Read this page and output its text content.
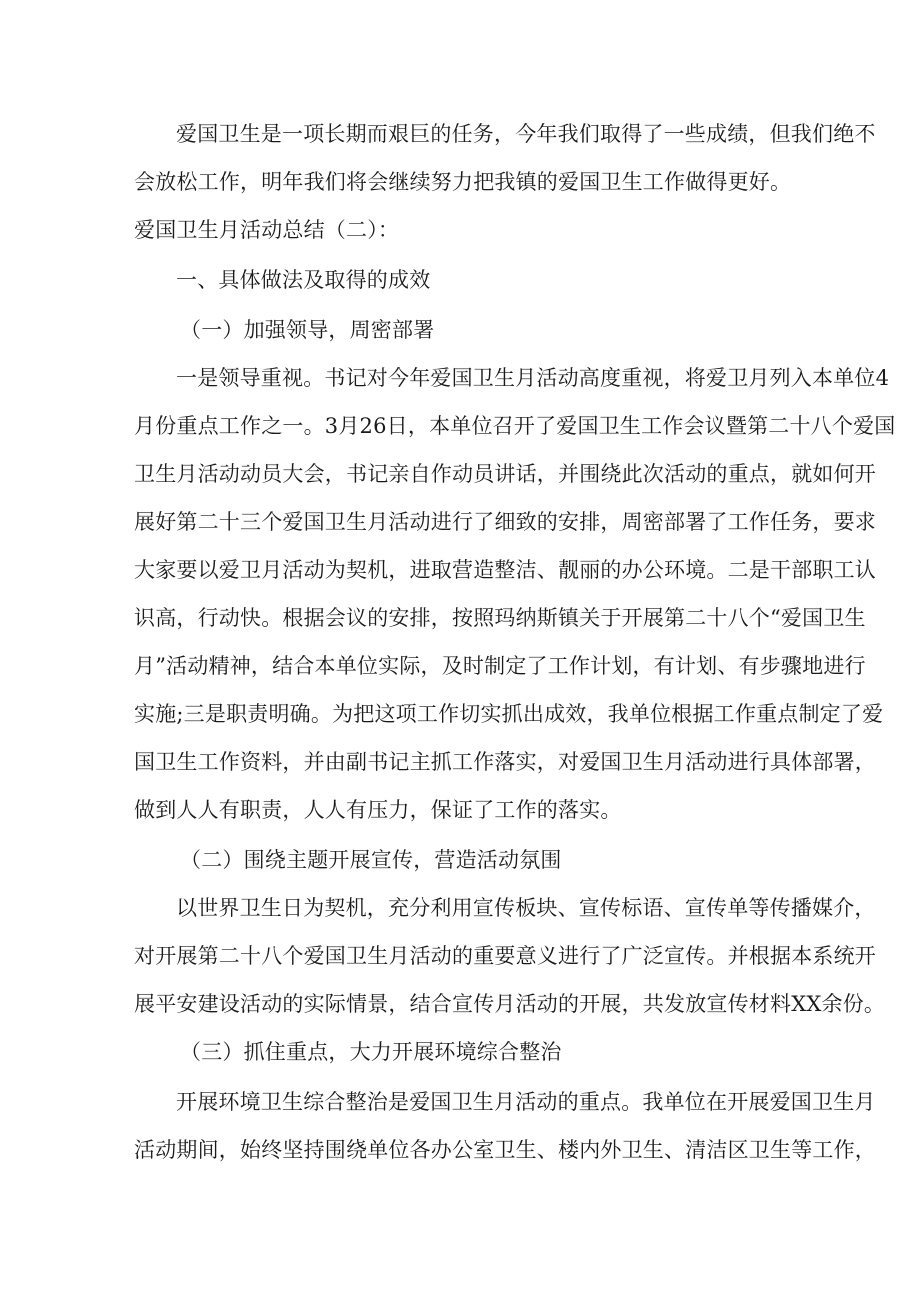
爱国卫生是一项长期而艰巨的任务，今年我们取得了一些成绩，但我们绝不
会放松工作，明年我们将会继续努力把我镇的爱国卫生工作做得更好。
爱国卫生月活动总结（二）：
一、具体做法及取得的成效
（一）加强领导，周密部署
一是领导重视。书记对今年爱国卫生月活动高度重视，将爱卫月列入本单位4
月份重点工作之一。3月26日，本单位召开了爱国卫生工作会议暨第二十八个爱国
卫生月活动动员大会，书记亲自作动员讲话，并围绕此次活动的重点，就如何开
展好第二十三个爱国卫生月活动进行了细致的安排，周密部署了工作任务，要求
大家要以爱卫月活动为契机，进取营造整洁、靓丽的办公环境。二是干部职工认
识高，行动快。根据会议的安排，按照玛纳斯镇关于开展第二十八个“爱国卫生
月”活动精神，结合本单位实际，及时制定了工作计划，有计划、有步骤地进行
实施;三是职责明确。为把这项工作切实抓出成效，我单位根据工作重点制定了爱
国卫生工作资料，并由副书记主抓工作落实，对爱国卫生月活动进行具体部署，
做到人人有职责，人人有压力，保证了工作的落实。
（二）围绕主题开展宣传，营造活动氛围
以世界卫生日为契机，充分利用宣传板块、宣传标语、宣传单等传播媒介，
对开展第二十八个爱国卫生月活动的重要意义进行了广泛宣传。并根据本系统开
展平安建设活动的实际情景，结合宣传月活动的开展，共发放宣传材料XX余份。
（三）抓住重点，大力开展环境综合整治
开展环境卫生综合整治是爱国卫生月活动的重点。我单位在开展爱国卫生月
活动期间，始终坚持围绕单位各办公室卫生、楼内外卫生、清洁区卫生等工作，
